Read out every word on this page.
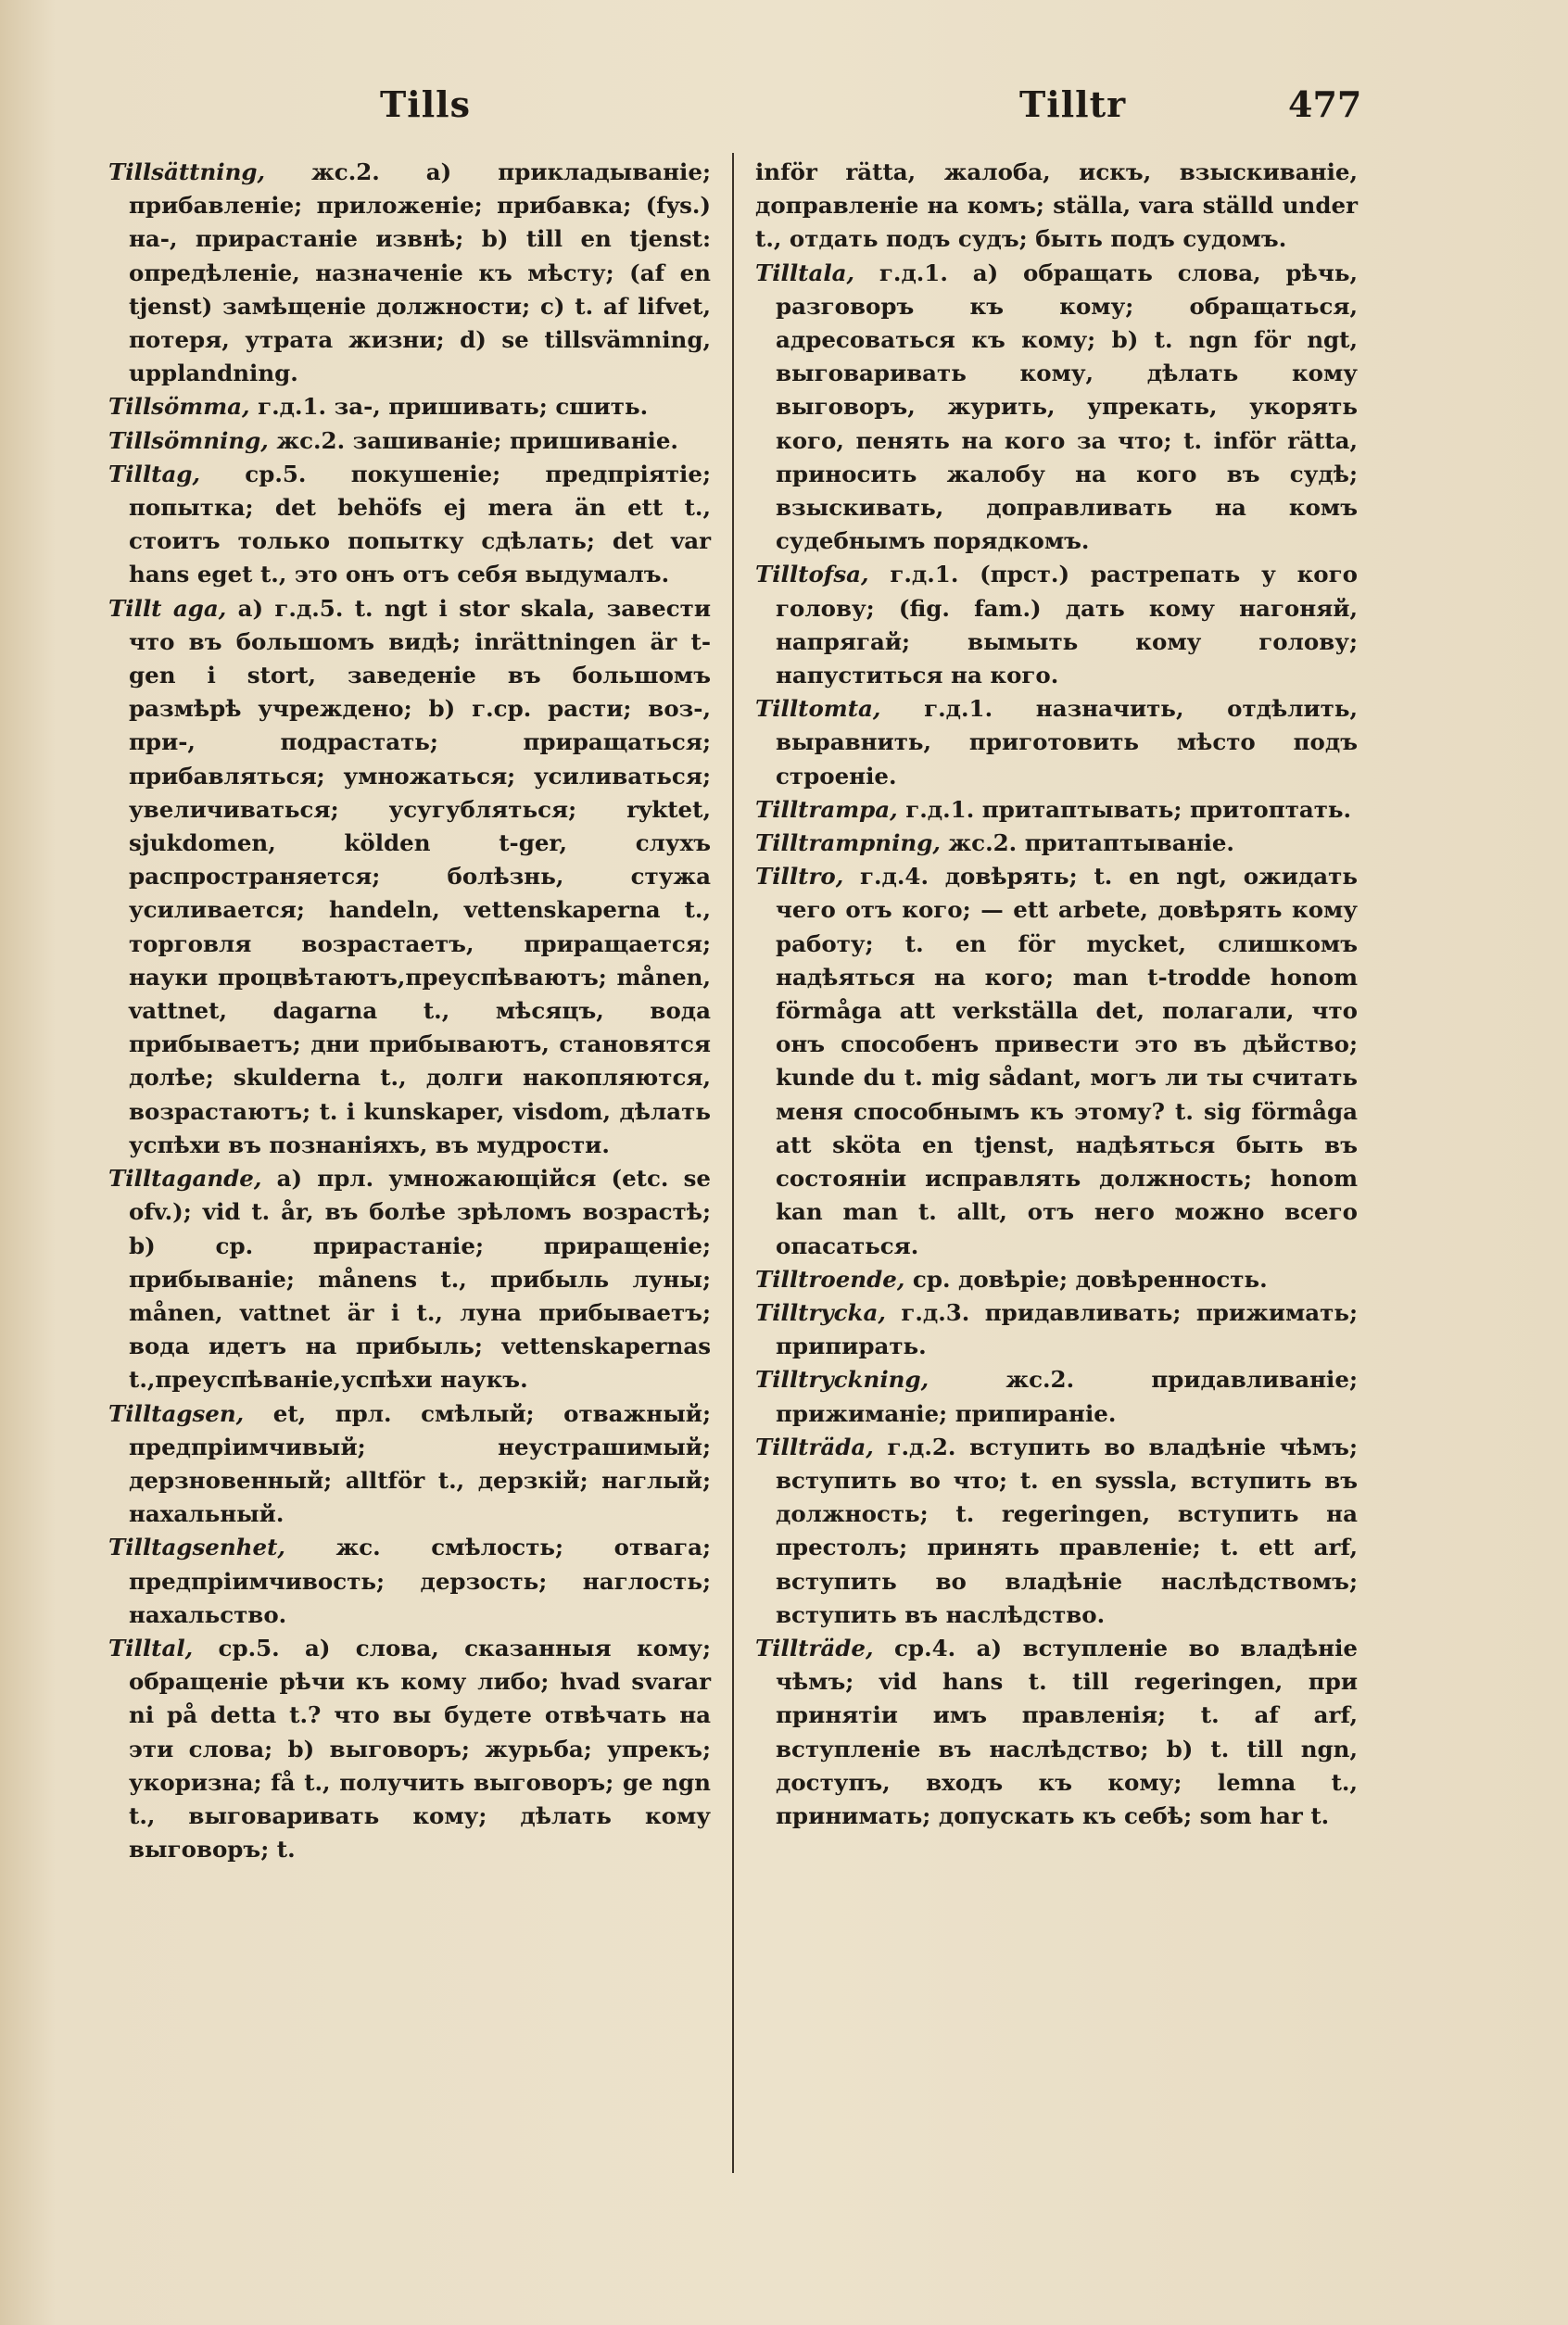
Tills	Tilltr	477
Tillsättning, жс.2. a) прикладываніе; прибавленіе; приложеніе; прибавка; (fys.) на-, прирастаніе извнѣ; b) till en tjenst: опредѣленіе, назначеніе къ мѣсту; (af en tjenst) замѣщеніе должности; c) t. af lifvet, потеря, утрата жизни; d) se tillsvämning, upplandning.
Tillsömma, г.д.1. за-, пришивать; сшить.
Tillsömning, жс.2. зашиваніе; пришиваніе.
Tilltag, ср.5. покушеніе; предпріятіе; попытка; det behöfs ej mera än ett t., стоитъ только попытку сдѣлать; det var hans eget t., это онъ отъ себя выдумалъ.
Tillt aga, a) г.д.5. t. ngt i stor skala, завести что въ большомъ видѣ; inrättningen är t-gen i stort, заведеніе въ большомъ размѣрѣ учреждено; b) г.ср. расти; воз-, при-, подрастать; приращаться; прибавляться; умножаться; усиливаться; увеличиваться; усугубляться; ryktet, sjukdomen, kölden t-ger, слухъ распространяется; болѣзнь, стужа усиливается; handeln, vettenskaperna t., торговля возрастаетъ, приращается; науки процвѣтаютъ,преуспѣваютъ; månen, vattnet, dagarna t., мѣсяцъ, вода прибываетъ; дни прибываютъ, становятся долѣе; skulderna t., долги накопляются, возрастаютъ; t. i kunskaper, visdom, дѣлать успѣхи въ познаніяхъ, въ мудрости.
Tilltagande, a) прл. умножающійся (etc. se ofv.); vid t. år, въ болѣе зрѣломъ возрастѣ; b) ср. прирастаніе; приращеніе; прибываніе; månens t., прибыль луны; månen, vattnet är i t., луна прибываетъ; вода идетъ на прибыль; vettenskapernas t.,преуспѣваніе,успѣхи наукъ.
Tilltagsen, et, прл. смѣлый; отважный; предпріимчивый; неустрашимый; дерзновенный; alltför t., дерзкій; наглый; нахальный.
Tilltagsenhet, жс. смѣлость; отвага; предпріимчивость; дерзость; наглость; нахальство.
Tilltal, ср.5. a) слова, сказанныя кому; обращеніе рѣчи къ кому либо; hvad svarar ni på detta t.? что вы будете отвѣчать на эти слова; b) выговоръ; журьба; упрекъ; укоризна; få t., получить выговоръ; ge ngn t., выговаривать кому; дѣлать кому выговоръ; t.
inför rätta, жалоба, искъ, взыскиваніе, доправленіе на комъ; ställa, vara ställd under t., отдать подъ судъ; быть подъ судомъ.
Tilltala, г.д.1. a) обращать слова, рѣчь, разговоръ къ кому; обращаться, адресоваться къ кому; b) t. ngn för ngt, выговаривать кому, дѣлать кому выговоръ, журить, упрекать, укорять кого, пенять на кого за что; t. inför rätta, приносить жалобу на кого въ судѣ; взыскивать, доправливать на комъ судебнымъ порядкомъ.
Tilltofsa, г.д.1. (прст.) растрепать у кого голову; (fig. fam.) дать кому нагоняй, напрягай; вымыть кому голову; напуститься на кого.
Tilltomta, г.д.1. назначить, отдѣлить, выравнить, приготовить мѣсто подъ строеніе.
Tilltrampa, г.д.1. притаптывать; притоптать.
Tilltrampning, жс.2. притаптываніе.
Tilltro, г.д.4. довѣрять; t. en ngt, ожидать чего отъ кого; — ett arbete, довѣрять кому работу; t. en för mycket, слишкомъ надѣяться на кого; man t-trodde honom förmåga att verkställa det, полагали, что онъ способенъ привести это въ дѣйство; kunde du t. mig sådant, могъ ли ты считать меня способнымъ къ этому? t. sig förmåga att sköta en tjenst, надѣяться быть въ состояніи исправлять должность; honom kan man t. allt, отъ него можно всего опасаться.
Tilltroende, ср. довѣріе; довѣренность.
Tilltrycka, г.д.3. придавливать; прижимать; припирать.
Tilltryckning, жс.2. придавливаніе; прижиманіе; припираніе.
Tillträda, г.д.2. вступить во владѣніе чѣмъ; вступить во что; t. en syssla, вступить въ должность; t. regeringen, вступить на престолъ; принять правленіе; t. ett arf, вступить во владѣніе наслѣдствомъ; вступить въ наслѣдство.
Tillträde, ср.4. a) вступленіе во владѣніе чѣмъ; vid hans t. till regeringen, при принятіи имъ правленія; t. af arf, вступленіе въ наслѣдство; b) t. till ngn, доступъ, входъ къ кому; lemna t., принимать; допускать къ себѣ; som har t.
